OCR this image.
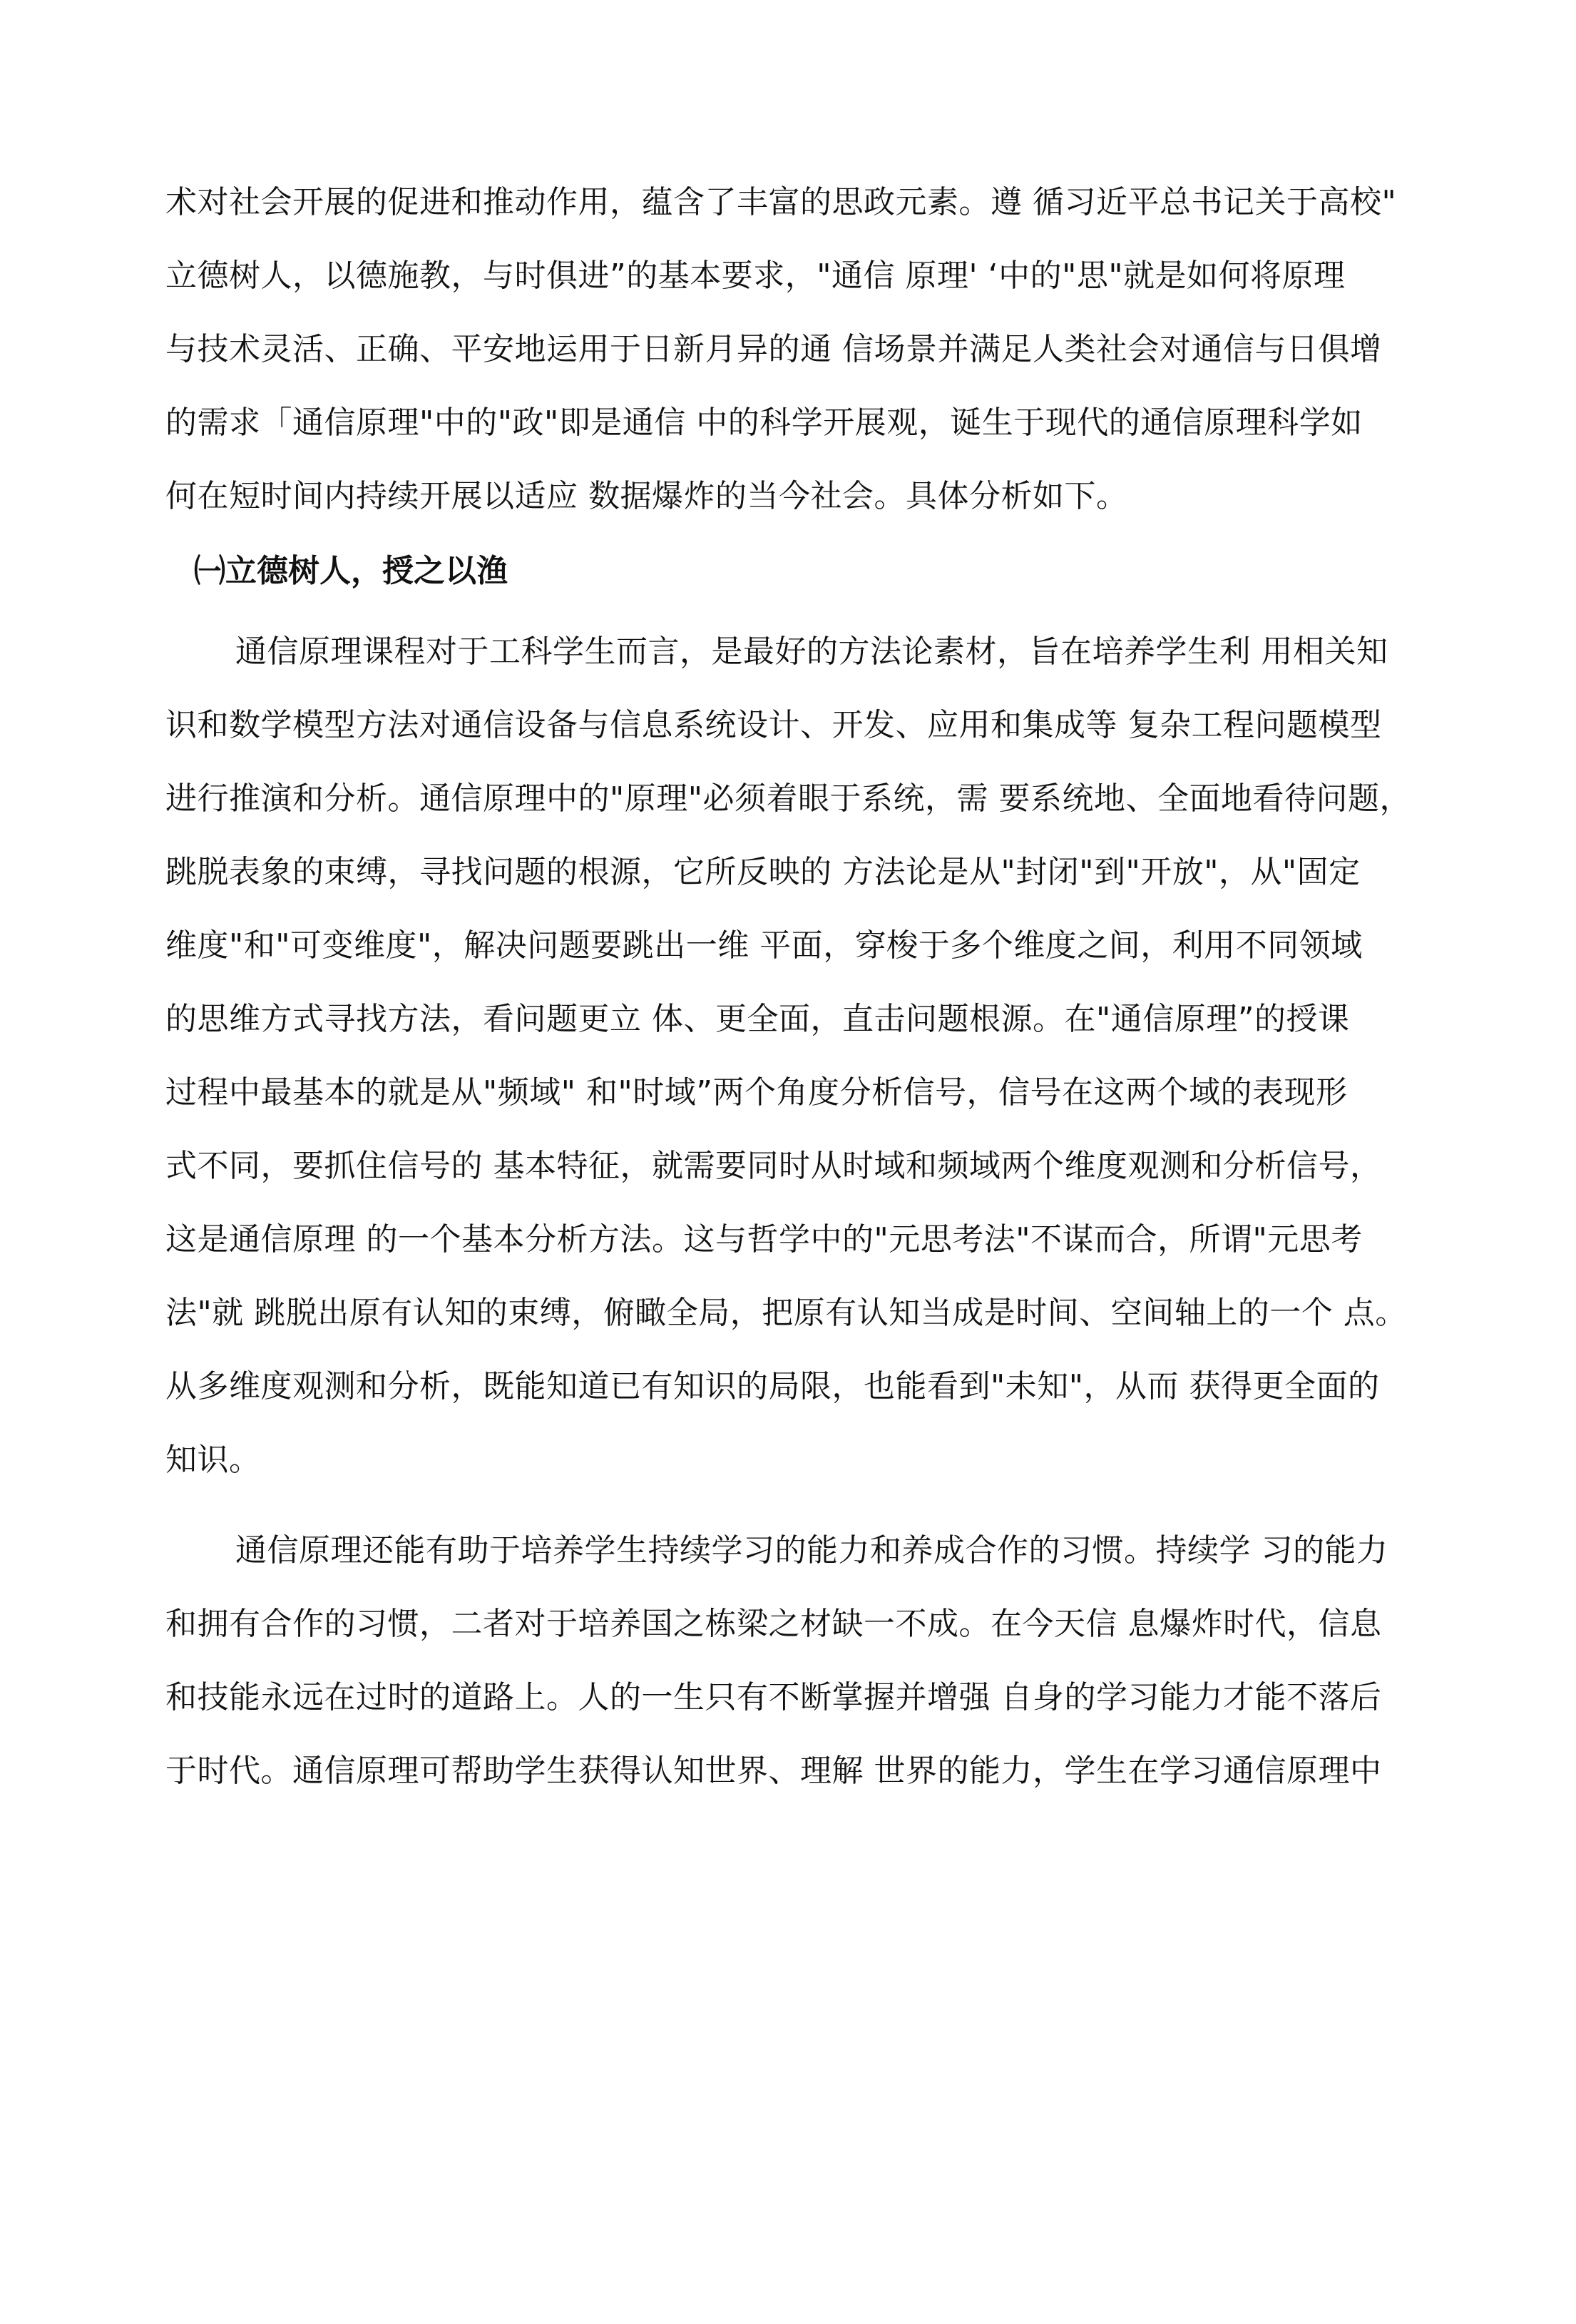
术对社会开展的促进和推动作用，蕴含了丰富的思政元素。遵 循习近平总书记关于高校"
立德树人，以德施教，与时俱进”的基本要求，"通信 原理' ‘中的"思"就是如何将原理
与技术灵活、正确、平安地运用于日新月异的通 信场景并满足人类社会对通信与日俱增
的需求「通信原理"中的"政"即是通信 中的科学开展观，诞生于现代的通信原理科学如
何在短时间内持续开展以适应 数据爆炸的当今社会。具体分析如下。
㈠立德树人，授之以渔
通信原理课程对于工科学生而言，是最好的方法论素材，旨在培养学生利 用相关知
识和数学模型方法对通信设备与信息系统设计、开发、应用和集成等 复杂工程问题模型
进行推演和分析。通信原理中的"原理"必须着眼于系统，需 要系统地、全面地看待问题，
跳脱表象的束缚，寻找问题的根源，它所反映的 方法论是从"封闭"到"开放"，从"固定
维度"和"可变维度"，解决问题要跳出一维 平面，穿梭于多个维度之间，利用不同领域
的思维方式寻找方法，看问题更立 体、更全面，直击问题根源。在"通信原理”的授课
过程中最基本的就是从"频域" 和"时域”两个角度分析信号，信号在这两个域的表现形
式不同，要抓住信号的 基本特征，就需要同时从时域和频域两个维度观测和分析信号，
这是通信原理 的一个基本分析方法。这与哲学中的"元思考法"不谋而合，所谓"元思考
法"就 跳脱出原有认知的束缚，俯瞰全局，把原有认知当成是时间、空间轴上的一个 点。
从多维度观测和分析，既能知道已有知识的局限，也能看到"未知"，从而 获得更全面的
知识。
通信原理还能有助于培养学生持续学习的能力和养成合作的习惯。持续学 习的能力
和拥有合作的习惯，二者对于培养国之栋梁之材缺一不成。在今天信 息爆炸时代，信息
和技能永远在过时的道路上。人的一生只有不断掌握并增强 自身的学习能力才能不落后
于时代。通信原理可帮助学生获得认知世界、理解 世界的能力，学生在学习通信原理中
